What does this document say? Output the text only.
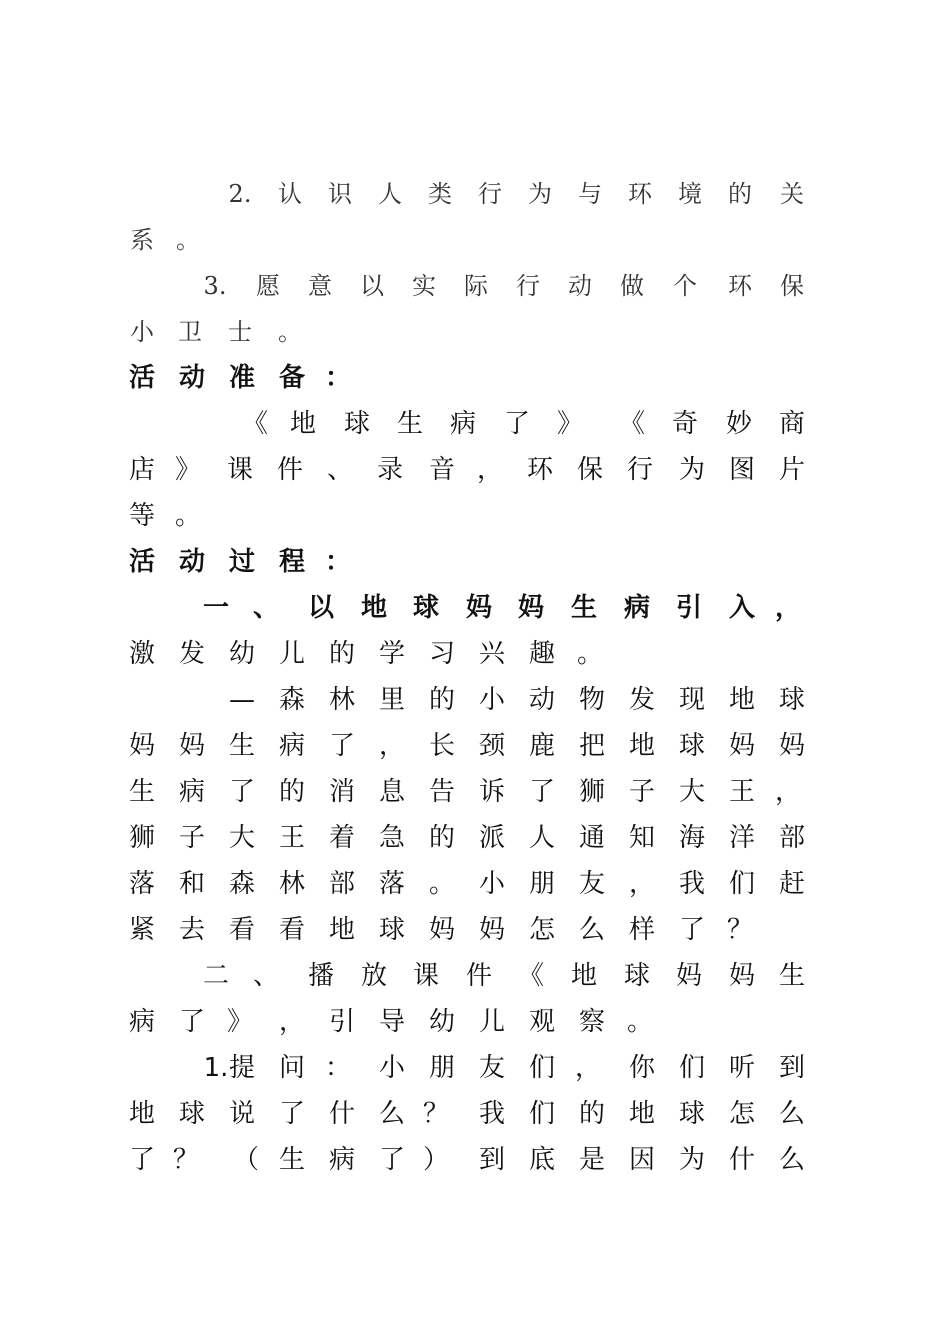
2.	认	识	人	类	行	为	与	环	境	的	关
系 。
3.	愿	意	以	实	际	行	动	做	个	环	保
小	卫	士	。
活 动 准 备 ：
《 地 球 生 病 了 》 《 奇 妙 商
店 》 课 件 、 录 音 ， 环 保 行 为 图 片
等 。
活 动 过 程 ：
一 、 以 地 球 妈 妈 生 病 引 入 ，
激 发 幼 儿 的 学 习 兴 趣 。
— 森 林 里 的 小 动 物 发 现 地 球
妈 妈 生 病 了 ， 长 颈 鹿 把 地 球 妈 妈
生 病 了 的 消 息 告 诉 了 狮 子 大 王 ，
狮 子 大 王 着 急 的 派 人 通 知 海 洋 部
落 和 森 林 部 落 。 小 朋 友 ， 我 们 赶
紧 去 看 看 地 球 妈 妈 怎 么 样 了 ？
二 、 播 放 课 件 《 地 球 妈 妈 生
病 了 》 ， 引 导 幼 儿 观 察 。
1. 提 问 ： 小 朋 友 们 ， 你 们 听 到
地 球 说 了 什 么 ？ 我 们 的 地 球 怎 么
了 ？ （ 生 病 了 ） 到 底 是 因 为 什 么
